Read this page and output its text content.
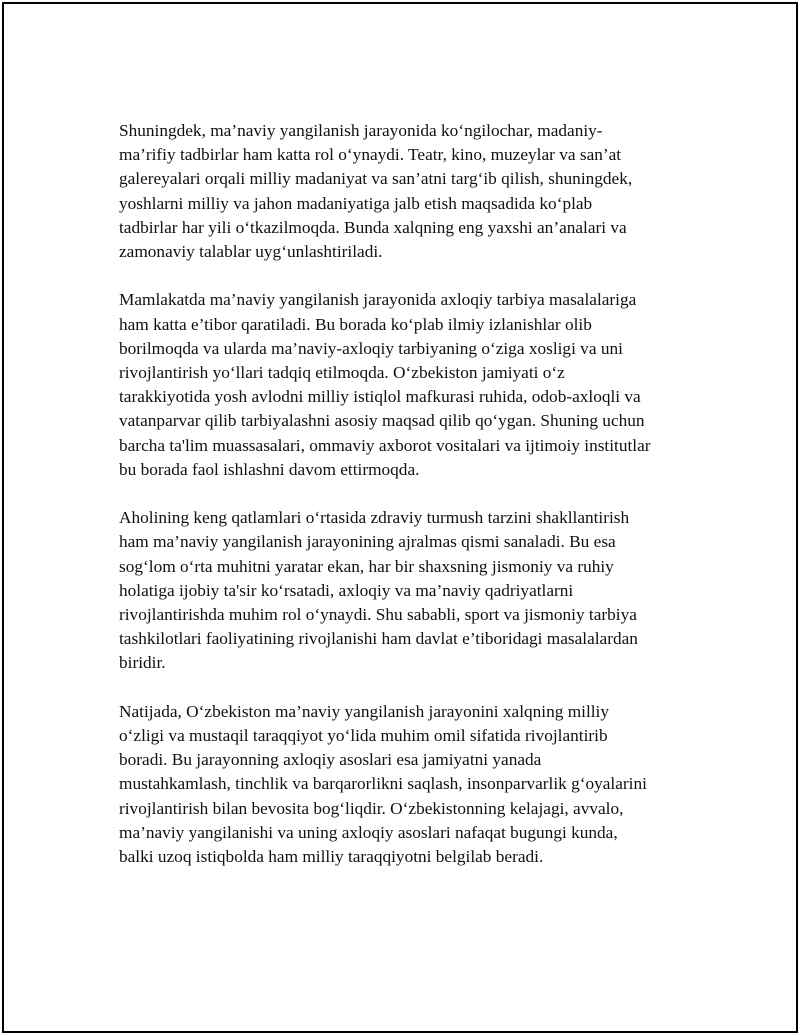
Shuningdek, ma’naviy yangilanish jarayonida ko‘ngilochar, madaniy-
ma’rifiy tadbirlar ham katta rol o‘ynaydi. Teatr, kino, muzeylar va san’at
galereyalari orqali milliy madaniyat va san’atni targ‘ib qilish, shuningdek,
yoshlarni milliy va jahon madaniyatiga jalb etish maqsadida ko‘plab
tadbirlar har yili o‘tkazilmoqda. Bunda xalqning eng yaxshi an’analari va
zamonaviy talablar uyg‘unlashtiriladi.

Mamlakatda ma’naviy yangilanish jarayonida axloqiy tarbiya masalalariga
ham katta e’tibor qaratiladi. Bu borada ko‘plab ilmiy izlanishlar olib
borilmoqda va ularda ma’naviy-axloqiy tarbiyaning o‘ziga xosligi va uni
rivojlantirish yo‘llari tadqiq etilmoqda. O‘zbekiston jamiyati o‘z
tarakkiyotida yosh avlodni milliy istiqlol mafkurasi ruhida, odob-axloqli va
vatanparvar qilib tarbiyalashni asosiy maqsad qilib qo‘ygan. Shuning uchun
barcha ta'lim muassasalari, ommaviy axborot vositalari va ijtimoiy institutlar
bu borada faol ishlashni davom ettirmoqda.

Aholining keng qatlamlari o‘rtasida zdraviy turmush tarzini shakllantirish
ham ma’naviy yangilanish jarayonining ajralmas qismi sanaladi. Bu esa
sog‘lom o‘rta muhitni yaratar ekan, har bir shaxsning jismoniy va ruhiy
holatiga ijobiy ta'sir ko‘rsatadi, axloqiy va ma’naviy qadriyatlarni
rivojlantirishda muhim rol o‘ynaydi. Shu sababli, sport va jismoniy tarbiya
tashkilotlari faoliyatining rivojlanishi ham davlat e’tiboridagi masalalardan
biridir.

Natijada, O‘zbekiston ma’naviy yangilanish jarayonini xalqning milliy
o‘zligi va mustaqil taraqqiyot yo‘lida muhim omil sifatida rivojlantirib
boradi. Bu jarayonning axloqiy asoslari esa jamiyatni yanada
mustahkamlash, tinchlik va barqarorlikni saqlash, insonparvarlik g‘oyalarini
rivojlantirish bilan bevosita bog‘liqdir. O‘zbekistonning kelajagi, avvalo,
ma’naviy yangilanishi va uning axloqiy asoslari nafaqat bugungi kunda,
balki uzoq istiqbolda ham milliy taraqqiyotni belgilab beradi.
